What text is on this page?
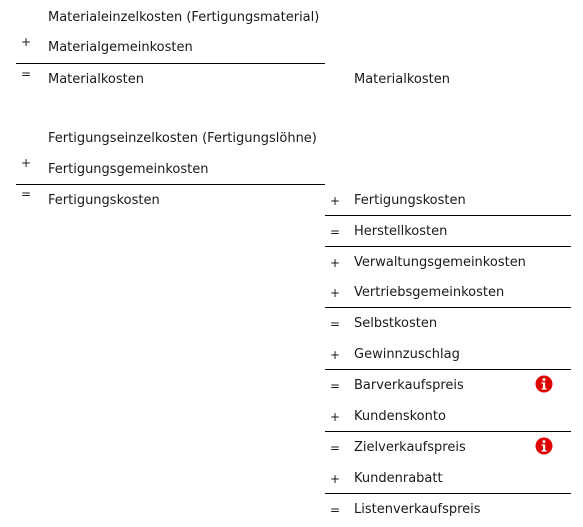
Materialeinzelkosten (Fertigungsmaterial)
+ Materialgemeinkosten
= Materialkosten
Fertigungseinzelkosten (Fertigungslöhne)
+ Fertigungsgemeinkosten
= Fertigungskosten
Materialkosten
+ Fertigungskosten
= Herstellkosten
+ Verwaltungsgemeinkosten
+ Vertriebsgemeinkosten
= Selbstkosten
+ Gewinnzuschlag
= Barverkaufspreis
+ Kundenskonto
= Zielverkaufspreis
+ Kundenrabatt
= Listenverkaufspreis
